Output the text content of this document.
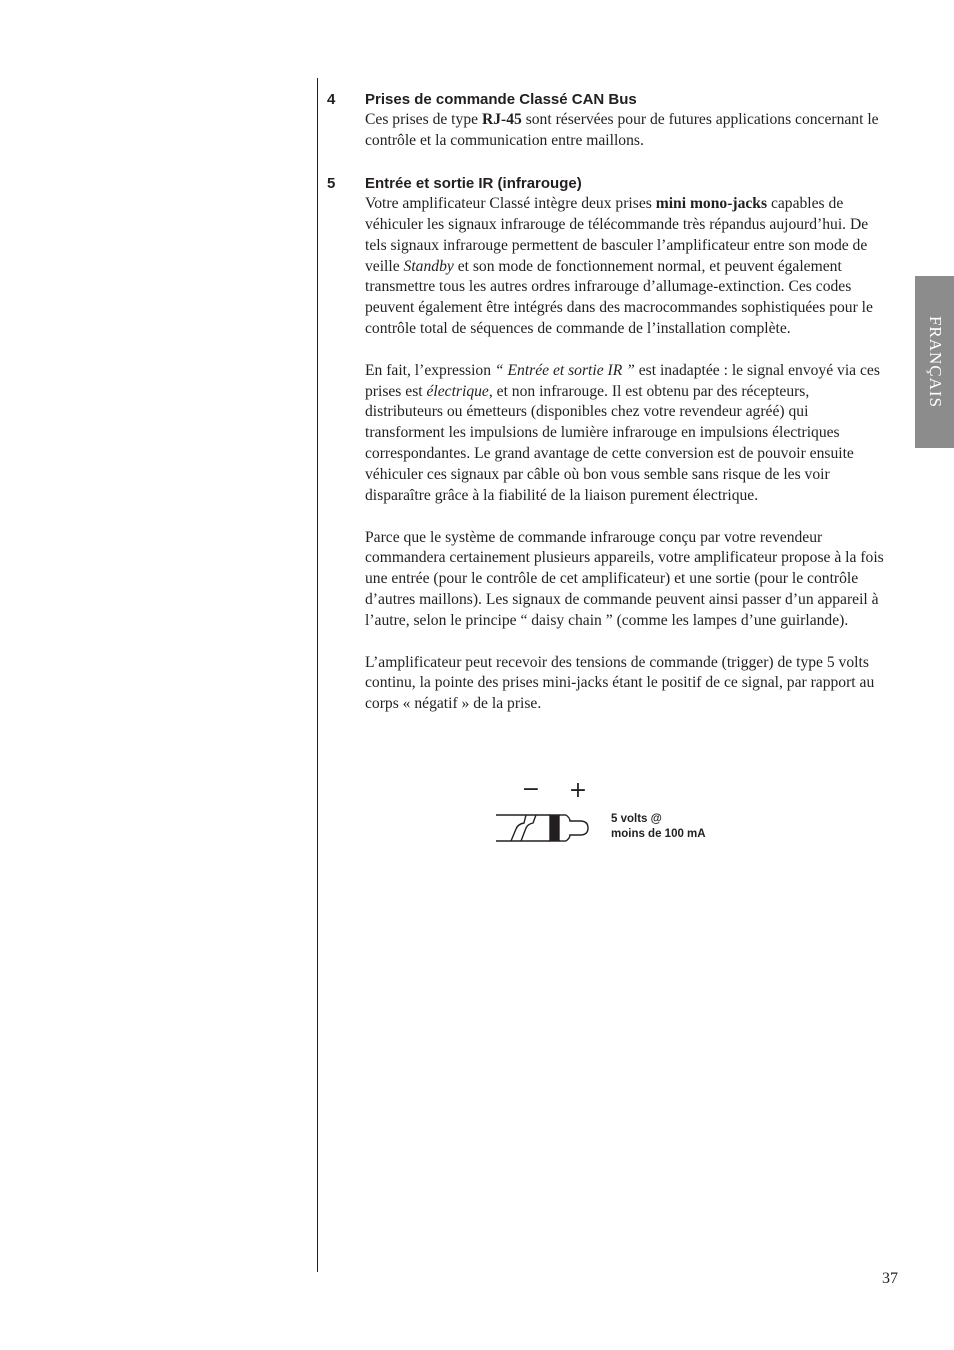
FRANÇAIS
4 Prises de commande Classé CAN Bus

Ces prises de type RJ-45 sont réservées pour de futures applications concernant le contrôle et la communication entre maillons.

5 Entrée et sortie IR (infrarouge)

Votre amplificateur Classé intègre deux prises mini mono-jacks capables de véhiculer les signaux infrarouge de télécommande très répandus aujourd’hui. De tels signaux infrarouge permettent de basculer l’amplificateur entre son mode de veille Standby et son mode de fonctionnement normal, et peuvent également transmettre tous les autres ordres infrarouge d’allumage-extinction. Ces codes peuvent également être intégrés dans des macrocommandes sophistiquées pour le contrôle total de séquences de commande de l’installation complète.

En fait, l’expression “ Entrée et sortie IR ” est inadaptée : le signal envoyé via ces prises est électrique, et non infrarouge. Il est obtenu par des récepteurs, distributeurs ou émetteurs (disponibles chez votre revendeur agréé) qui transforment les impulsions de lumière infrarouge en impulsions électriques correspondantes. Le grand avantage de cette conversion est de pouvoir ensuite véhiculer ces signaux par câble où bon vous semble sans risque de les voir disparaître grâce à la fiabilité de la liaison purement électrique.

Parce que le système de commande infrarouge conçu par votre revendeur commandera certainement plusieurs appareils, votre amplificateur propose à la fois une entrée (pour le contrôle de cet amplificateur) et une sortie (pour le contrôle d’autres maillons). Les signaux de commande peuvent ainsi passer d’un appareil à l’autre, selon le principe “ daisy chain ” (comme les lampes d’une guirlande).

L’amplificateur peut recevoir des tensions de commande (trigger) de type 5 volts continu, la pointe des prises mini-jacks étant le positif de ce signal, par rapport au corps « négatif » de la prise.

− +
5 volts @
moins de 100 mA
37
